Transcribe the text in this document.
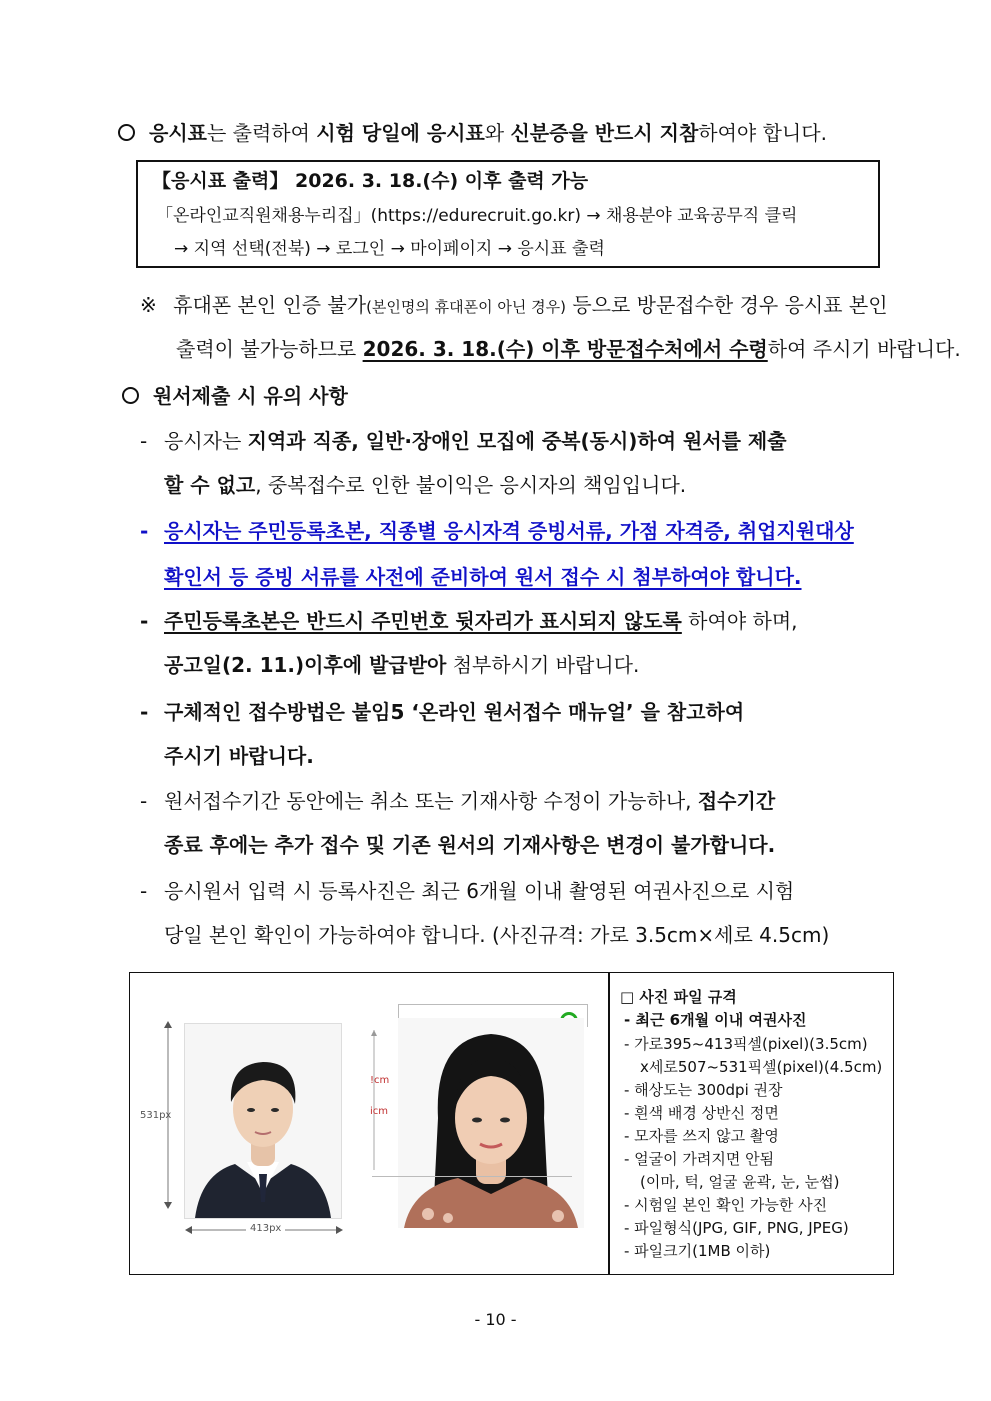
응시표는 출력하여 시험 당일에 응시표와 신분증을 반드시 지참하여야 합니다.
【응시표 출력】 2026. 3. 18.(수) 이후 출력 가능
「온라인교직원채용누리집」(https://edurecruit.go.kr) → 채용분야 교육공무직 클릭
→ 지역 선택(전북) → 로그인 → 마이페이지 → 응시표 출력
※ 휴대폰 본인 인증 불가(본인명의 휴대폰이 아닌 경우) 등으로 방문접수한 경우 응시표 본인
출력이 불가능하므로 2026. 3. 18.(수) 이후 방문접수처에서 수령하여 주시기 바랍니다.
원서제출 시 유의 사항
- 응시자는 지역과 직종, 일반·장애인 모집에 중복(동시)하여 원서를 제출
할 수 없고, 중복접수로 인한 불이익은 응시자의 책임입니다.
- 응시자는 주민등록초본, 직종별 응시자격 증빙서류, 가점 자격증, 취업지원대상
확인서 등 증빙 서류를 사전에 준비하여 원서 접수 시 첨부하여야 합니다.
- 주민등록초본은 반드시 주민번호 뒷자리가 표시되지 않도록 하여야 하며,
공고일(2. 11.)이후에 발급받아 첨부하시기 바랍니다.
- 구체적인 접수방법은 붙임5 ‘온라인 원서접수 매뉴얼’ 을 참고하여
주시기 바랍니다.
- 원서접수기간 동안에는 취소 또는 기재사항 수정이 가능하나, 접수기간
종료 후에는 추가 접수 및 기존 원서의 기재사항은 변경이 불가합니다.
- 응시원서 입력 시 등록사진은 최근 6개월 이내 촬영된 여권사진으로 시험
당일 본인 확인이 가능하여야 합니다. (사진규격: 가로 3.5cm×세로 4.5cm)
531px
413px
!cm
icm
□ 사진 파일 규격
- 최근 6개월 이내 여권사진
- 가로395~413픽셀(pixel)(3.5cm)
x세로507~531픽셀(pixel)(4.5cm)
- 해상도는 300dpi 권장
- 흰색 배경 상반신 정면
- 모자를 쓰지 않고 촬영
- 얼굴이 가려지면 안됨
(이마, 턱, 얼굴 윤곽, 눈, 눈썹)
- 시험일 본인 확인 가능한 사진
- 파일형식(JPG, GIF, PNG, JPEG)
- 파일크기(1MB 이하)
- 10 -
